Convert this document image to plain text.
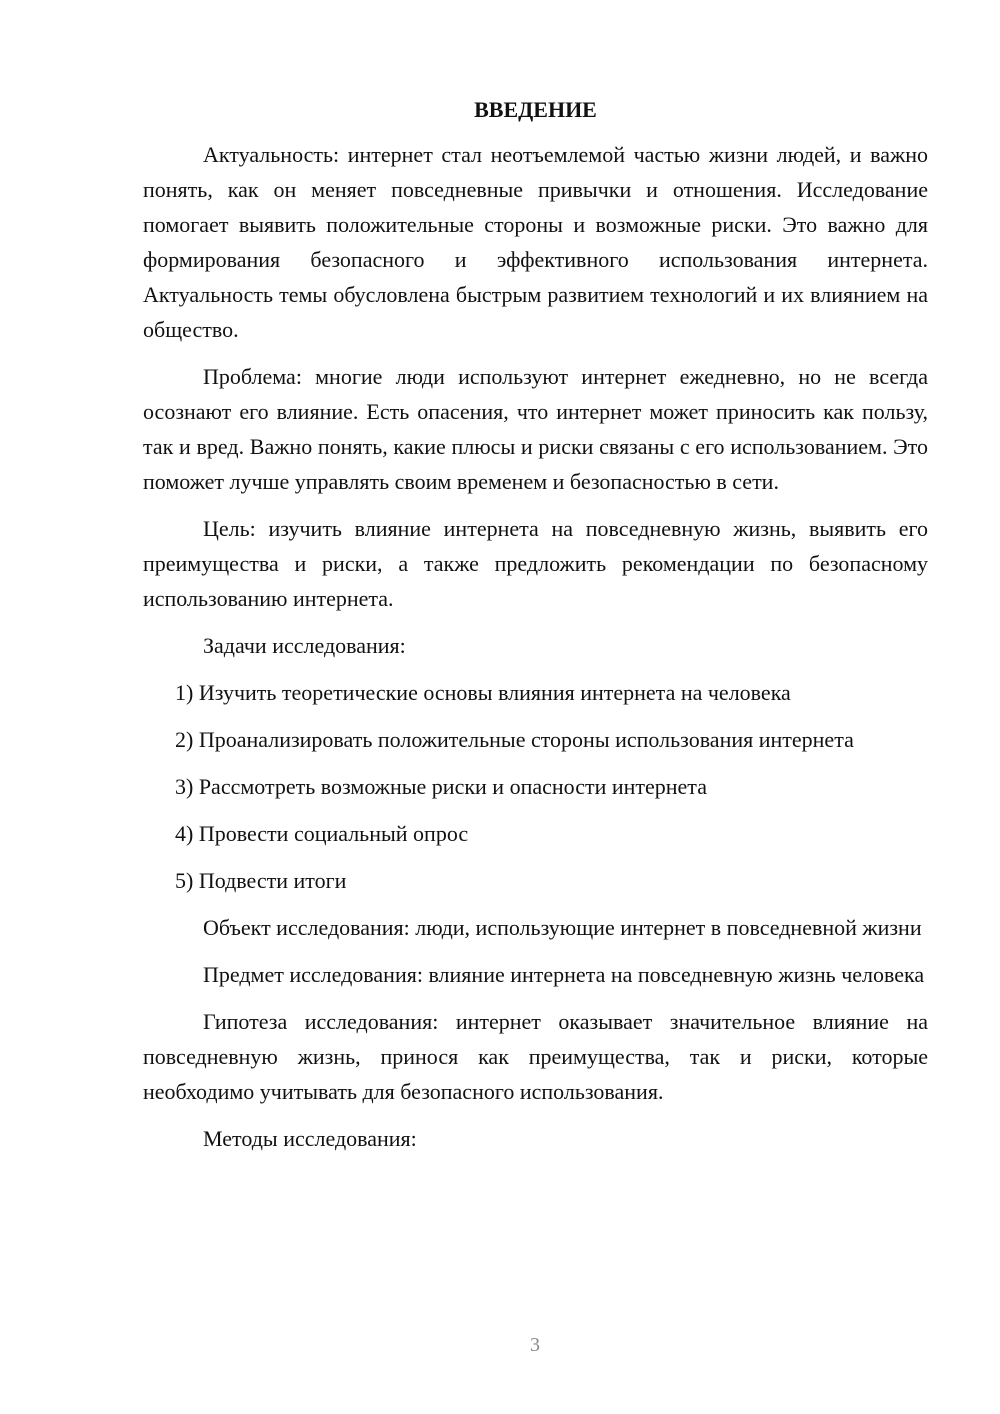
ВВЕДЕНИЕ

Актуальность: интернет стал неотъемлемой частью жизни людей, и важно понять, как он меняет повседневные привычки и отношения. Исследование помогает выявить положительные стороны и возможные риски. Это важно для формирования безопасного и эффективного использования интернета. Актуальность темы обусловлена быстрым развитием технологий и их влиянием на общество.

Проблема: многие люди используют интернет ежедневно, но не всегда осознают его влияние. Есть опасения, что интернет может приносить как пользу, так и вред. Важно понять, какие плюсы и риски связаны с его использованием. Это поможет лучше управлять своим временем и безопасностью в сети.

Цель: изучить влияние интернета на повседневную жизнь, выявить его преимущества и риски, а также предложить рекомендации по безопасному использованию интернета.

Задачи исследования:

1) Изучить теоретические основы влияния интернета на человека

2) Проанализировать положительные стороны использования интернета

3) Рассмотреть возможные риски и опасности интернета

4) Провести социальный опрос

5) Подвести итоги

Объект исследования: люди, использующие интернет в повседневной жизни

Предмет исследования: влияние интернета на повседневную жизнь человека

Гипотеза исследования: интернет оказывает значительное влияние на повседневную жизнь, принося как преимущества, так и риски, которые необходимо учитывать для безопасного использования.

Методы исследования:

3
